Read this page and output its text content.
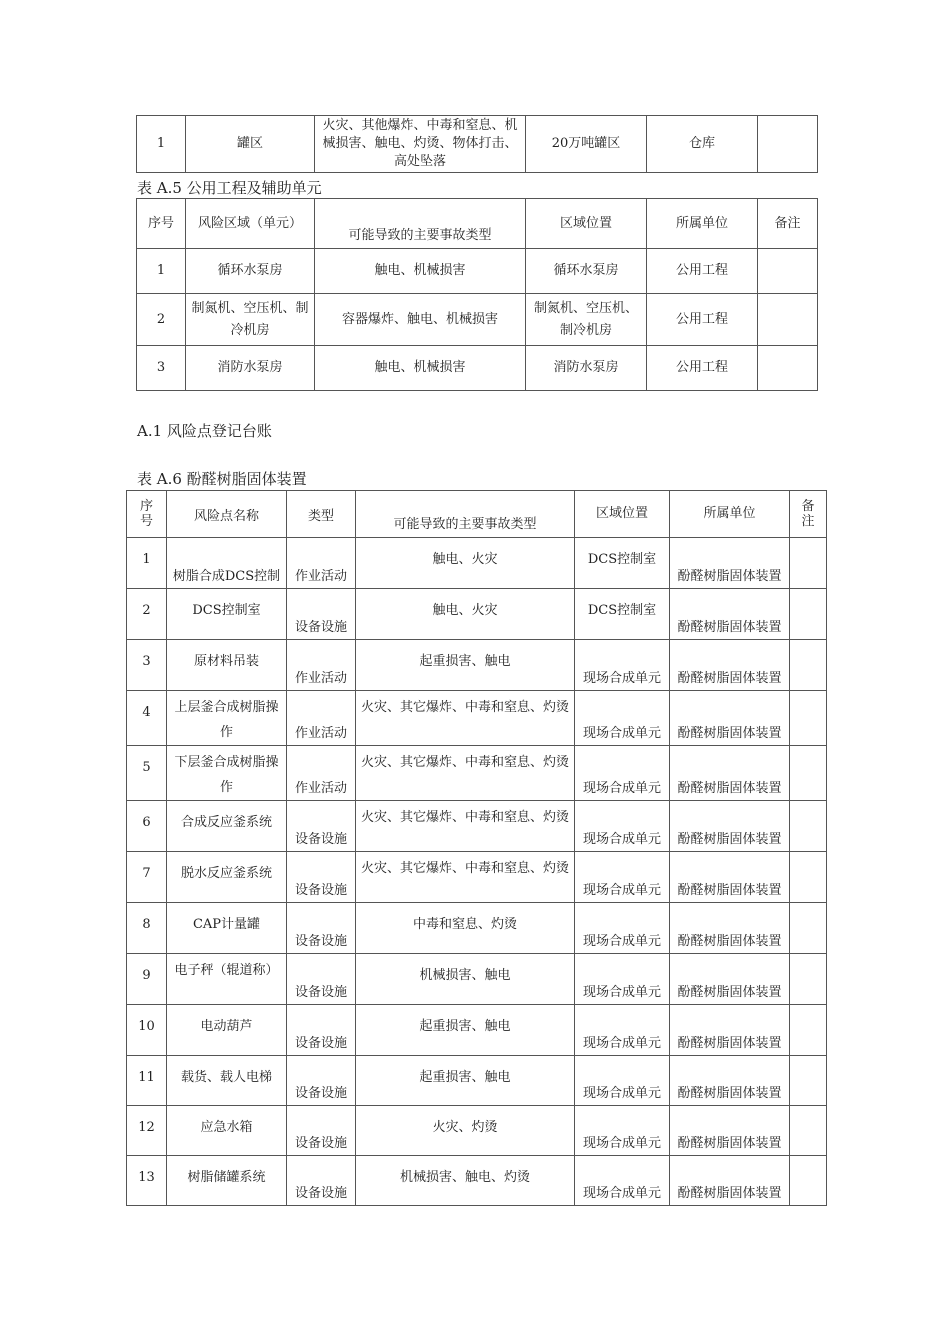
1	罐区	火灾、其他爆炸、中毒和窒息、机械损害、触电、灼烫、物体打击、高处坠落	20万吨罐区	仓库	
表 A.5 公用工程及辅助单元
序号	风险区域（单元）	可能导致的主要事故类型	区域位置	所属单位	备注
1	循环水泵房	触电、机械损害	循环水泵房	公用工程	
2	制氮机、空压机、制冷机房	容器爆炸、触电、机械损害	制氮机、空压机、制冷机房	公用工程	
3	消防水泵房	触电、机械损害	消防水泵房	公用工程	
A.1 风险点登记台账
表 A.6 酚醛树脂固体装置
序号	风险点名称	类型	可能导致的主要事故类型	区域位置	所属单位	备注
1	树脂合成DCS控制	作业活动	触电、火灾	DCS控制室	酚醛树脂固体装置	
2	DCS控制室	设备设施	触电、火灾	DCS控制室	酚醛树脂固体装置	
3	原材料吊装	作业活动	起重损害、触电	现场合成单元	酚醛树脂固体装置	
4	上层釜合成树脂操作	作业活动	火灾、其它爆炸、中毒和窒息、灼烫	现场合成单元	酚醛树脂固体装置	
5	下层釜合成树脂操作	作业活动	火灾、其它爆炸、中毒和窒息、灼烫	现场合成单元	酚醛树脂固体装置	
6	合成反应釜系统	设备设施	火灾、其它爆炸、中毒和窒息、灼烫	现场合成单元	酚醛树脂固体装置	
7	脱水反应釜系统	设备设施	火灾、其它爆炸、中毒和窒息、灼烫	现场合成单元	酚醛树脂固体装置	
8	CAP计量罐	设备设施	中毒和窒息、灼烫	现场合成单元	酚醛树脂固体装置	
9	电子秤（辊道称）	设备设施	机械损害、触电	现场合成单元	酚醛树脂固体装置	
10	电动葫芦	设备设施	起重损害、触电	现场合成单元	酚醛树脂固体装置	
11	载货、载人电梯	设备设施	起重损害、触电	现场合成单元	酚醛树脂固体装置	
12	应急水箱	设备设施	火灾、灼烫	现场合成单元	酚醛树脂固体装置	
13	树脂储罐系统	设备设施	机械损害、触电、灼烫	现场合成单元	酚醛树脂固体装置	
